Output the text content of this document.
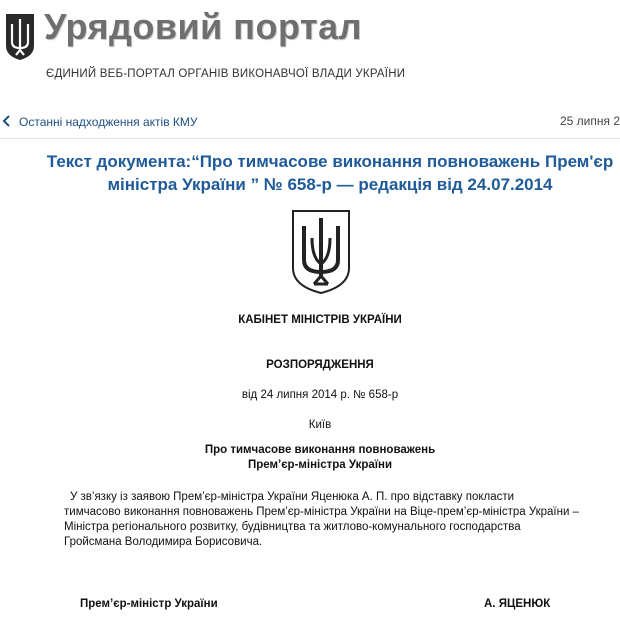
Урядовий портал
ЄДИНИЙ ВЕБ-ПОРТАЛ ОРГАНІВ ВИКОНАВЧОЇ ВЛАДИ УКРАЇНИ
Останні надходження актів КМУ	25 липня 2
Текст документа:“Про тимчасове виконання повноважень Прем'єр
міністра України ” № 658-р — редакція від 24.07.2014
КАБІНЕТ МІНІСТРІВ УКРАЇНИ
РОЗПОРЯДЖЕННЯ
від 24 липня 2014 р. № 658-р
Київ
Про тимчасове виконання повноважень
Прем’єр-міністра України
У зв’язку із заявою Прем’єр-міністра України Яценюка А. П. про відставку покласти
тимчасово виконання повноважень Прем’єр-міністра України на Віце-прем’єр-міністра України –
Міністра регіонального розвитку, будівництва та житлово-комунального господарства
Гройсмана Володимира Борисовича.
Прем’єр-міністр України	А. ЯЦЕНЮК
